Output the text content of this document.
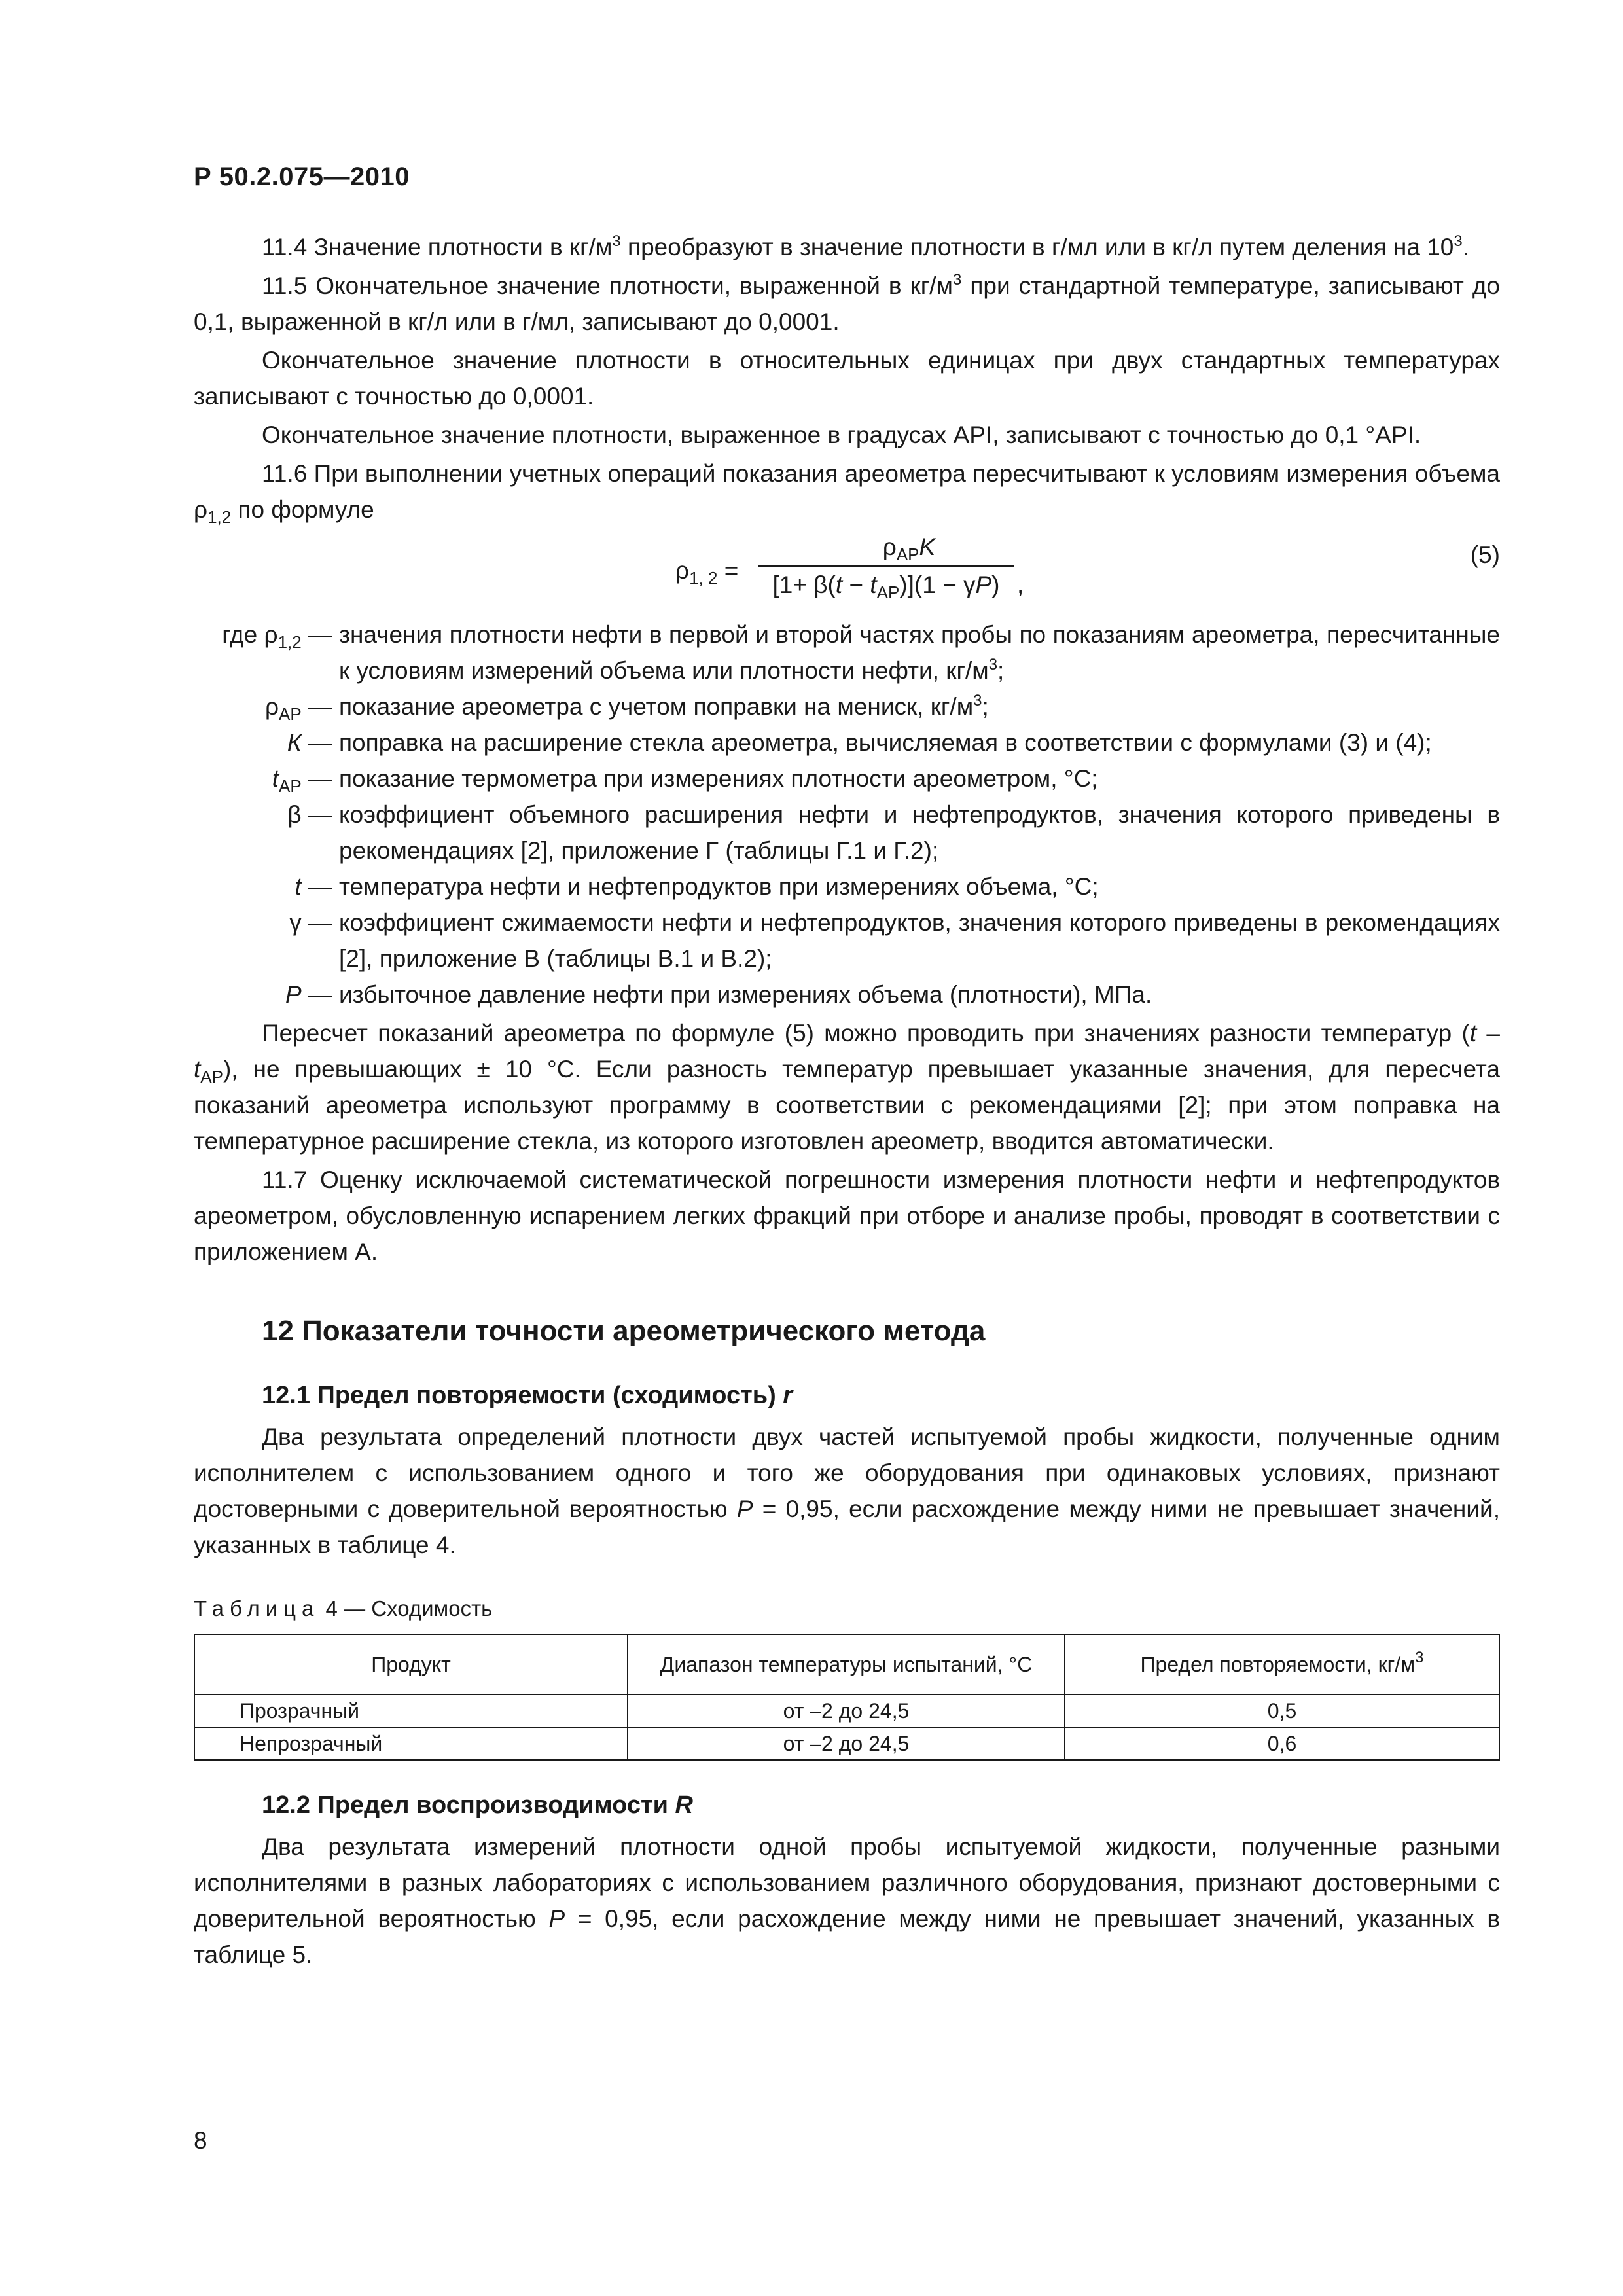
Р 50.2.075—2010

11.4 Значение плотности в $кг/м^3$ преобразуют в значение плотности в г/мл или в кг/л путем деления на $10^3$.

11.5 Окончательное значение плотности, выраженной в $кг/м^3$ при стандартной температуре, записывают до 0,1, выраженной в кг/л или в г/мл, записывают до 0,0001.

Окончательное значение плотности в относительных единицах при двух стандартных температурах записывают с точностью до 0,0001.

Окончательное значение плотности, выраженное в градусах API, записывают с точностью до 0,1 °API.

11.6 При выполнении учетных операций показания ареометра пересчитывают к условиям измерения объема $\rho_{1,2}$ по формуле

$\rho_{1, 2}$ =
$\rho_{АР}K$
$[1+ \beta(t - t_{АР})](1 - \gamma P)$ ,
(5)
где $\rho_{1,2}$ — значения плотности нефти в первой и второй частях пробы по показаниям ареометра, пересчитанные к условиям измерений объема или плотности нефти, $кг/м^3$;
$\rho_{АР}$ — показание ареометра с учетом поправки на мениск, $кг/м^3$;
К — поправка на расширение стекла ареометра, вычисляемая в соответствии с формулами (3) и (4);
$t_{АР}$ — показание термометра при измерениях плотности ареометром, °С;
β — коэффициент объемного расширения нефти и нефтепродуктов, значения которого приведены в рекомендациях [2], приложение Г (таблицы Г.1 и Г.2);
t — температура нефти и нефтепродуктов при измерениях объема, °С;
γ — коэффициент сжимаемости нефти и нефтепродуктов, значения которого приведены в рекомендациях [2], приложение В (таблицы В.1 и В.2);
Р — избыточное давление нефти при измерениях объема (плотности), МПа.

Пересчет показаний ареометра по формуле (5) можно проводить при значениях разности температур $(t - t_{АР})$, не превышающих ± 10 °С. Если разность температур превышает указанные значения, для пересчета показаний ареометра используют программу в соответствии с рекомендациями [2]; при этом поправка на температурное расширение стекла, из которого изготовлен ареометр, вводится автоматически.

11.7 Оценку исключаемой систематической погрешности измерения плотности нефти и нефтепродуктов ареометром, обусловленную испарением легких фракций при отборе и анализе пробы, проводят в соответствии с приложением А.

12 Показатели точности ареометрического метода
12.1 Предел повторяемости (сходимость) r

Два результата определений плотности двух частей испытуемой пробы жидкости, полученные одним исполнителем с использованием одного и того же оборудования при одинаковых условиях, признают достоверными с доверительной вероятностью Р = 0,95, если расхождение между ними не превышает значений, указанных в таблице 4.

Таблица 4 — Сходимость
Продукт	Диапазон температуры испытаний, °С	Предел повторяемости, $кг/м^3$
Прозрачный	от –2 до 24,5	0,5
Непрозрачный	от –2 до 24,5	0,6
12.2 Предел воспроизводимости R

Два результата измерений плотности одной пробы испытуемой жидкости, полученные разными исполнителями в разных лабораториях с использованием различного оборудования, признают достоверными с доверительной вероятностью Р = 0,95, если расхождение между ними не превышает значений, указанных в таблице 5.

8
